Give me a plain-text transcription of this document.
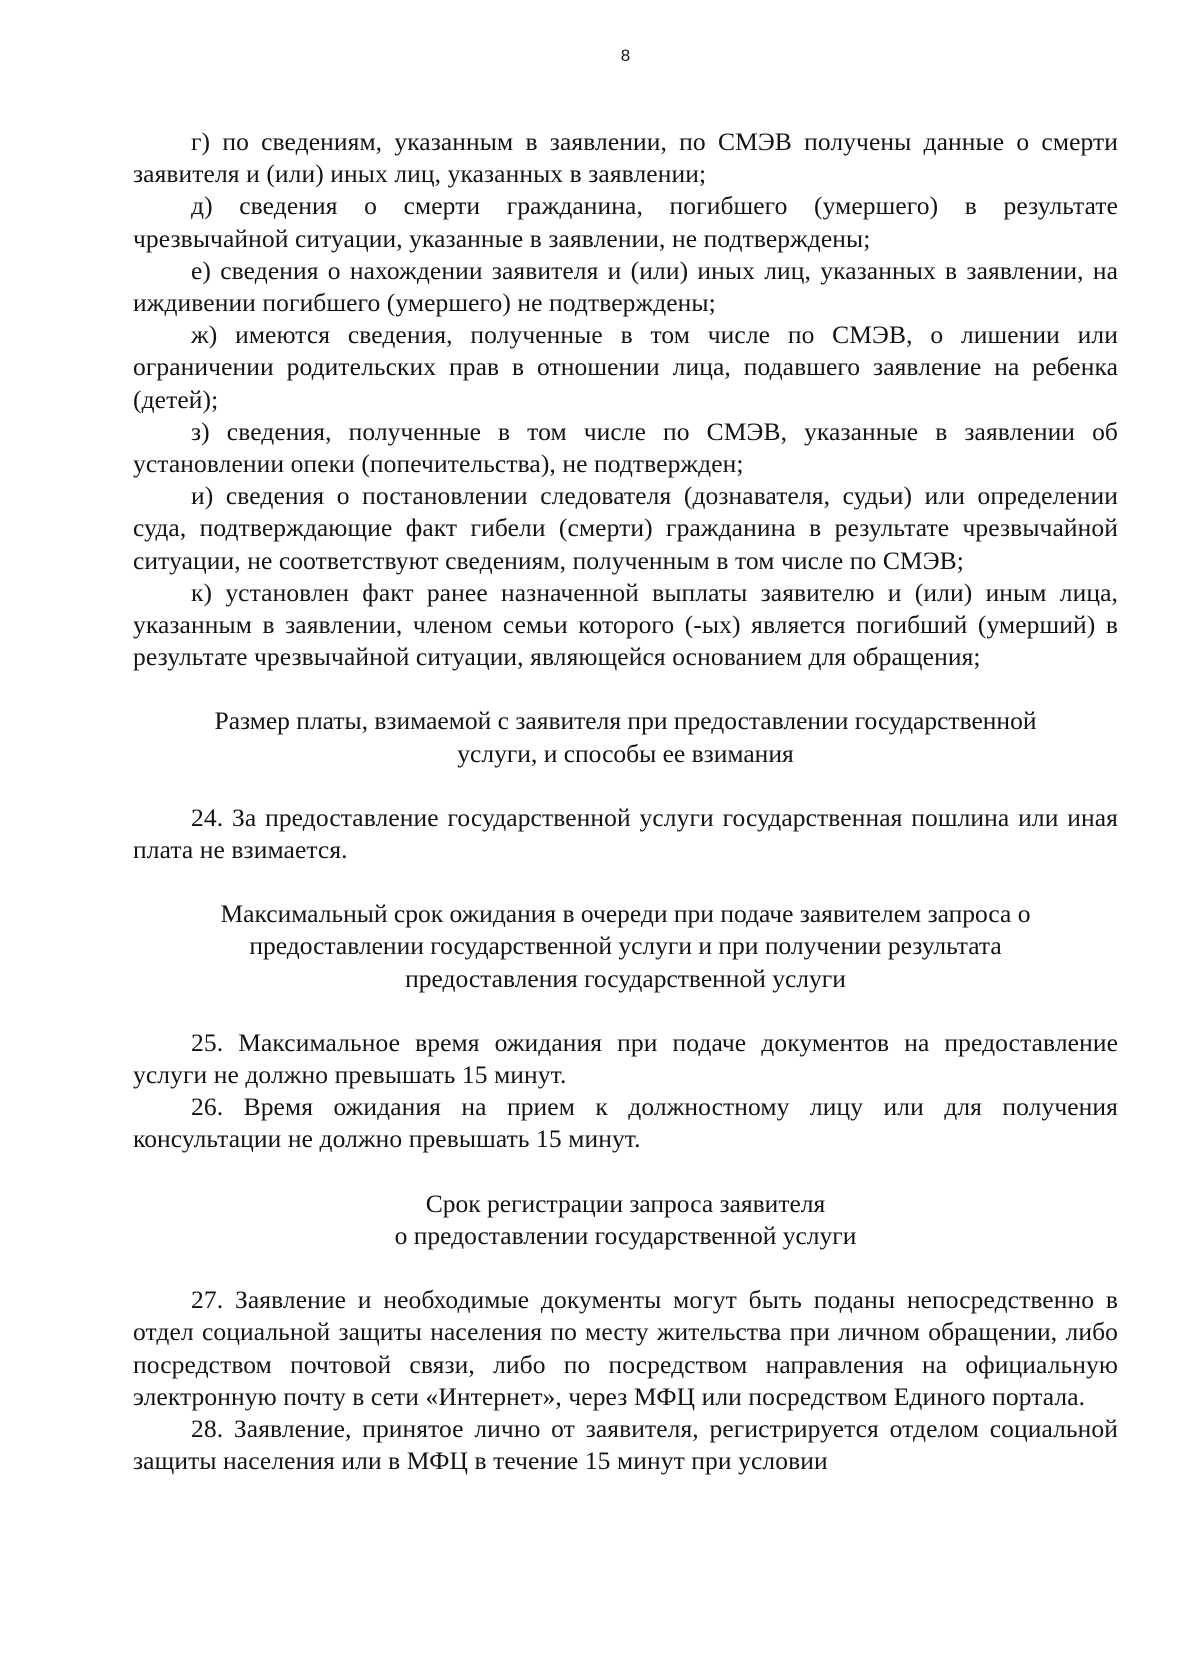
8

г) по сведениям, указанным в заявлении, по СМЭВ получены данные о смерти заявителя и (или) иных лиц, указанных в заявлении;

д) сведения о смерти гражданина, погибшего (умершего) в результате чрезвычайной ситуации, указанные в заявлении, не подтверждены;

е) сведения о нахождении заявителя и (или) иных лиц, указанных в заявлении, на иждивении погибшего (умершего) не подтверждены;

ж) имеются сведения, полученные в том числе по СМЭВ, о лишении или ограничении родительских прав в отношении лица, подавшего заявление на ребенка (детей);

з) сведения, полученные в том числе по СМЭВ, указанные в заявлении об установлении опеки (попечительства), не подтвержден;

и) сведения о постановлении следователя (дознавателя, судьи) или определении суда, подтверждающие факт гибели (смерти) гражданина в результате чрезвычайной ситуации, не соответствуют сведениям, полученным в том числе по СМЭВ;

к) установлен факт ранее назначенной выплаты заявителю и (или) иным лица, указанным в заявлении, членом семьи которого (-ых) является погибший (умерший) в результате чрезвычайной ситуации, являющейся основанием для обращения;

Размер платы, взимаемой с заявителя при предоставлении государственной
услуги, и способы ее взимания

24. За предоставление государственной услуги государственная пошлина или иная плата не взимается.

Максимальный срок ожидания в очереди при подаче заявителем запроса о
предоставлении государственной услуги и при получении результата
предоставления государственной услуги

25. Максимальное время ожидания при подаче документов на предоставление услуги не должно превышать 15 минут.

26. Время ожидания на прием к должностному лицу или для получения консультации не должно превышать 15 минут.

Срок регистрации запроса заявителя
о предоставлении государственной услуги

27. Заявление и необходимые документы могут быть поданы непосредственно в отдел социальной защиты населения по месту жительства при личном обращении, либо посредством почтовой связи, либо по посредством направления на официальную электронную почту в сети «Интернет», через МФЦ или посредством Единого портала.

28. Заявление, принятое лично от заявителя, регистрируется отделом социальной защиты населения или в МФЦ в течение 15 минут при условии
